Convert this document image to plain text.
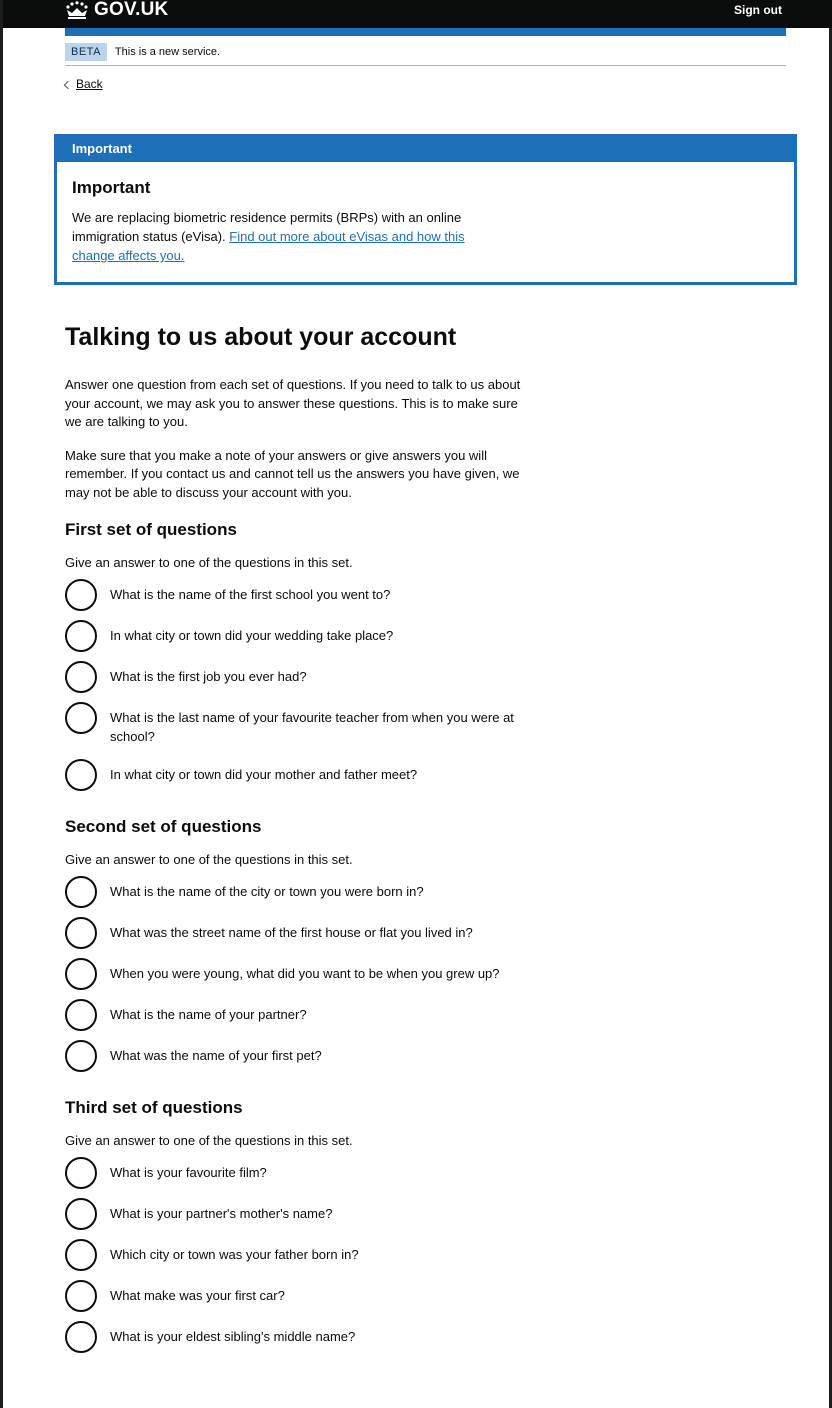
GOV.UK	Sign out
BETA	This is a new service.
Back
Important
Important
We are replacing biometric residence permits (BRPs) with an online immigration status (eVisa). Find out more about eVisas and how this change affects you.
Talking to us about your account

Answer one question from each set of questions. If you need to talk to us about your account, we may ask you to answer these questions. This is to make sure we are talking to you.

Make sure that you make a note of your answers or give answers you will remember. If you contact us and cannot tell us the answers you have given, we may not be able to discuss your account with you.

First set of questions
Give an answer to one of the questions in this set.
What is the name of the first school you went to?
In what city or town did your wedding take place?
What is the first job you ever had?
What is the last name of your favourite teacher from when you were at school?
In what city or town did your mother and father meet?
Second set of questions
Give an answer to one of the questions in this set.
What is the name of the city or town you were born in?
What was the street name of the first house or flat you lived in?
When you were young, what did you want to be when you grew up?
What is the name of your partner?
What was the name of your first pet?
Third set of questions
Give an answer to one of the questions in this set.
What is your favourite film?
What is your partner's mother's name?
Which city or town was your father born in?
What make was your first car?
What is your eldest sibling's middle name?
